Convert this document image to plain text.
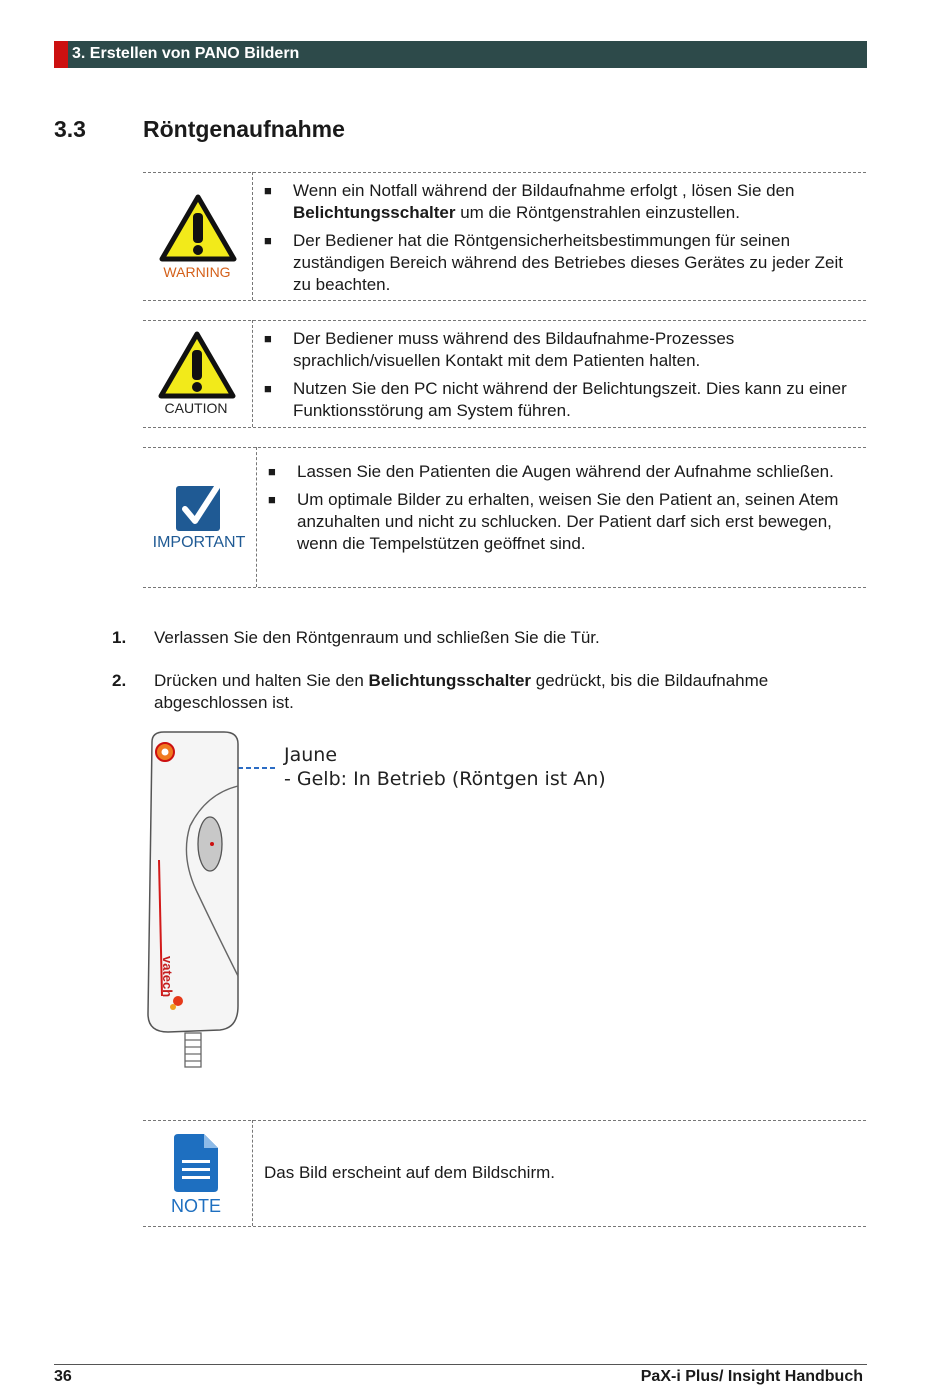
3. Erstellen von PANO Bildern
3.3 Röntgenaufnahme
WARNING
■ Wenn ein Notfall während der Bildaufnahme erfolgt , lösen Sie den Belichtungsschalter um die Röntgenstrahlen einzustellen.
■ Der Bediener hat die Röntgensicherheitsbestimmungen für seinen zuständigen Bereich während des Betriebes dieses Gerätes zu jeder Zeit zu beachten.
CAUTION
■ Der Bediener muss während des Bildaufnahme-Prozesses sprachlich/visuellen Kontakt mit dem Patienten halten.
■ Nutzen Sie den PC nicht während der Belichtungszeit. Dies kann zu einer Funktionsstörung am System führen.
IMPORTANT
■ Lassen Sie den Patienten die Augen während der Aufnahme schließen.
■ Um optimale Bilder zu erhalten, weisen Sie den Patient an, seinen Atem anzuhalten und nicht zu schlucken. Der Patient darf sich erst bewegen, wenn die Tempelstützen geöffnet sind.
1. Verlassen Sie den Röntgenraum und schließen Sie die Tür.
2. Drücken und halten Sie den Belichtungsschalter gedrückt, bis die Bildaufnahme abgeschlossen ist.
vatech
Jaune
- Gelb: In Betrieb (Röntgen ist An)
NOTE
Das Bild erscheint auf dem Bildschirm.
36	PaX-i Plus/ Insight Handbuch
